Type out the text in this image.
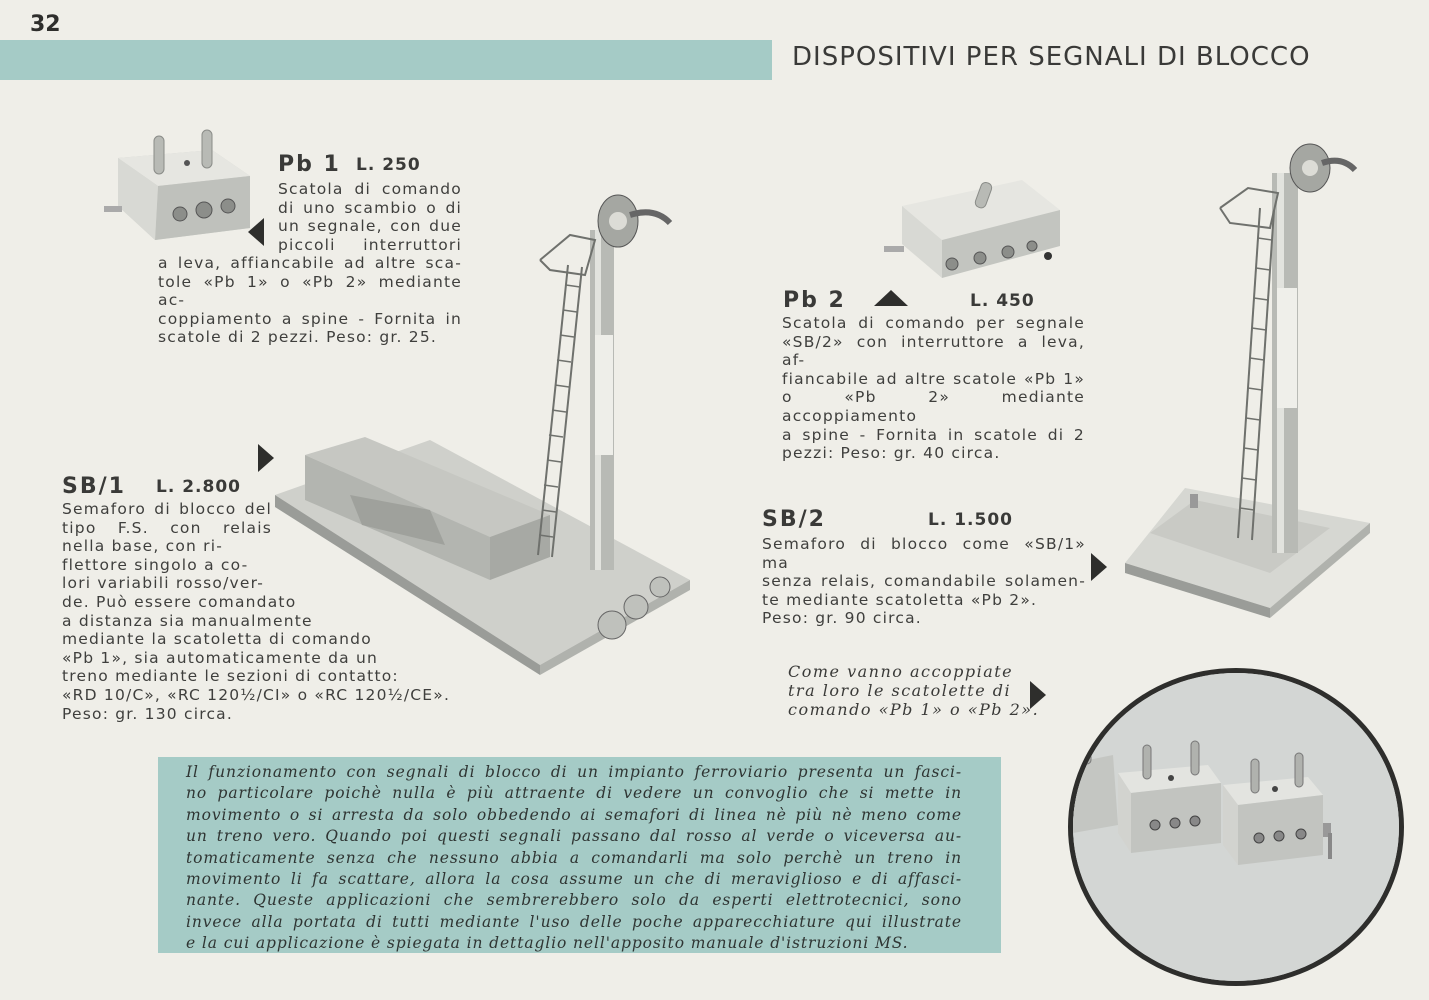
32
DISPOSITIVI PER SEGNALI DI BLOCCO
Pb 1 L. 250
Scatola di comando
di uno scambio o di
un segnale, con due
piccoli interruttori
a leva, affiancabile ad altre sca-
tole «Pb 1» o «Pb 2» mediante ac-
coppiamento a spine - Fornita in
scatole di 2 pezzi. Peso: gr. 25.
SB/1 L. 2.800
Semaforo di blocco del
tipo F.S. con relais
nella base, con ri-
flettore singolo a co-
lori variabili rosso/ver-
de. Può essere comandato
a distanza sia manualmente
mediante la scatoletta di comando
«Pb 1», sia automaticamente da un
treno mediante le sezioni di contatto:
«RD 10/C», «RC 120½/CI» o «RC 120½/CE».
Peso: gr. 130 circa.
Pb 2	L. 450
Scatola di comando per segnale
«SB/2» con interruttore a leva, af-
fiancabile ad altre scatole «Pb 1»
o «Pb 2» mediante accoppiamento
a spine - Fornita in scatole di 2
pezzi: Peso: gr. 40 circa.
SB/2	L. 1.500
Semaforo di blocco come «SB/1» ma
senza relais, comandabile solamen-
te mediante scatoletta «Pb 2».
Peso: gr. 90 circa.
Come vanno accoppiate
tra loro le scatolette di
comando «Pb 1» o «Pb 2».
Il funzionamento con segnali di blocco di un impianto ferroviario presenta un fasci-
no particolare poichè nulla è più attraente di vedere un convoglio che si mette in
movimento o si arresta da solo obbedendo ai semafori di linea nè più nè meno come
un treno vero. Quando poi questi segnali passano dal rosso al verde o viceversa au-
tomaticamente senza che nessuno abbia a comandarli ma solo perchè un treno in
movimento li fa scattare, allora la cosa assume un che di meraviglioso e di affasci-
nante. Queste applicazioni che sembrerebbero solo da esperti elettrotecnici, sono
invece alla portata di tutti mediante l'uso delle poche apparecchiature qui illustrate
e la cui applicazione è spiegata in dettaglio nell'apposito manuale d'istruzioni MS.
